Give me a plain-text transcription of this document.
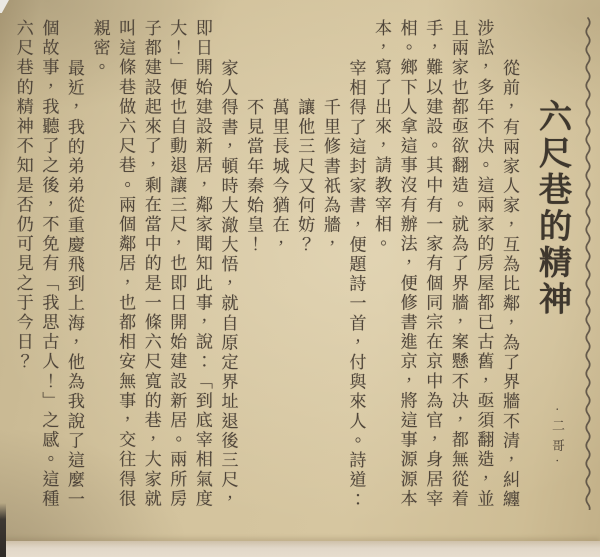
六尺巷的精神
·二哥·

從前，有兩家人家，互為比鄰，為了界牆不清，糾纏涉訟，多年不决。這兩家的房屋都已古舊，亟須翻造，並且兩家也都亟欲翻造。就為了界牆，案懸不决，都無從着手，難以建設。其中有一家有個同宗在京中為官，身居宰相。鄉下人拿這事沒有辦法，便修書進京，將這事源源本本，寫了出來，請教宰相。

宰相得了這封家書，便題詩一首，付與來人。詩道：

千里修書祇為牆，

讓他三尺又何妨？

萬里長城今猶在，

不見當年秦始皇！

家人得書，頓時大澈大悟，就自原定界址退後三尺，即日開始建設新居，鄰家聞知此事，說：「到底宰相氣度大！」便也自動退讓三尺，也即日開始建設新居。兩所房子都建設起來了，剩在當中的是一條六尺寬的巷，大家就叫這條巷做六尺巷。兩個鄰居，也都相安無事，交往得很親密。

最近，我的弟弟從重慶飛到上海，他為我說了這麼一個故事，我聽了之後，不免有「我思古人！」之感。這種六尺巷的精神不知是否仍可見之于今日？
